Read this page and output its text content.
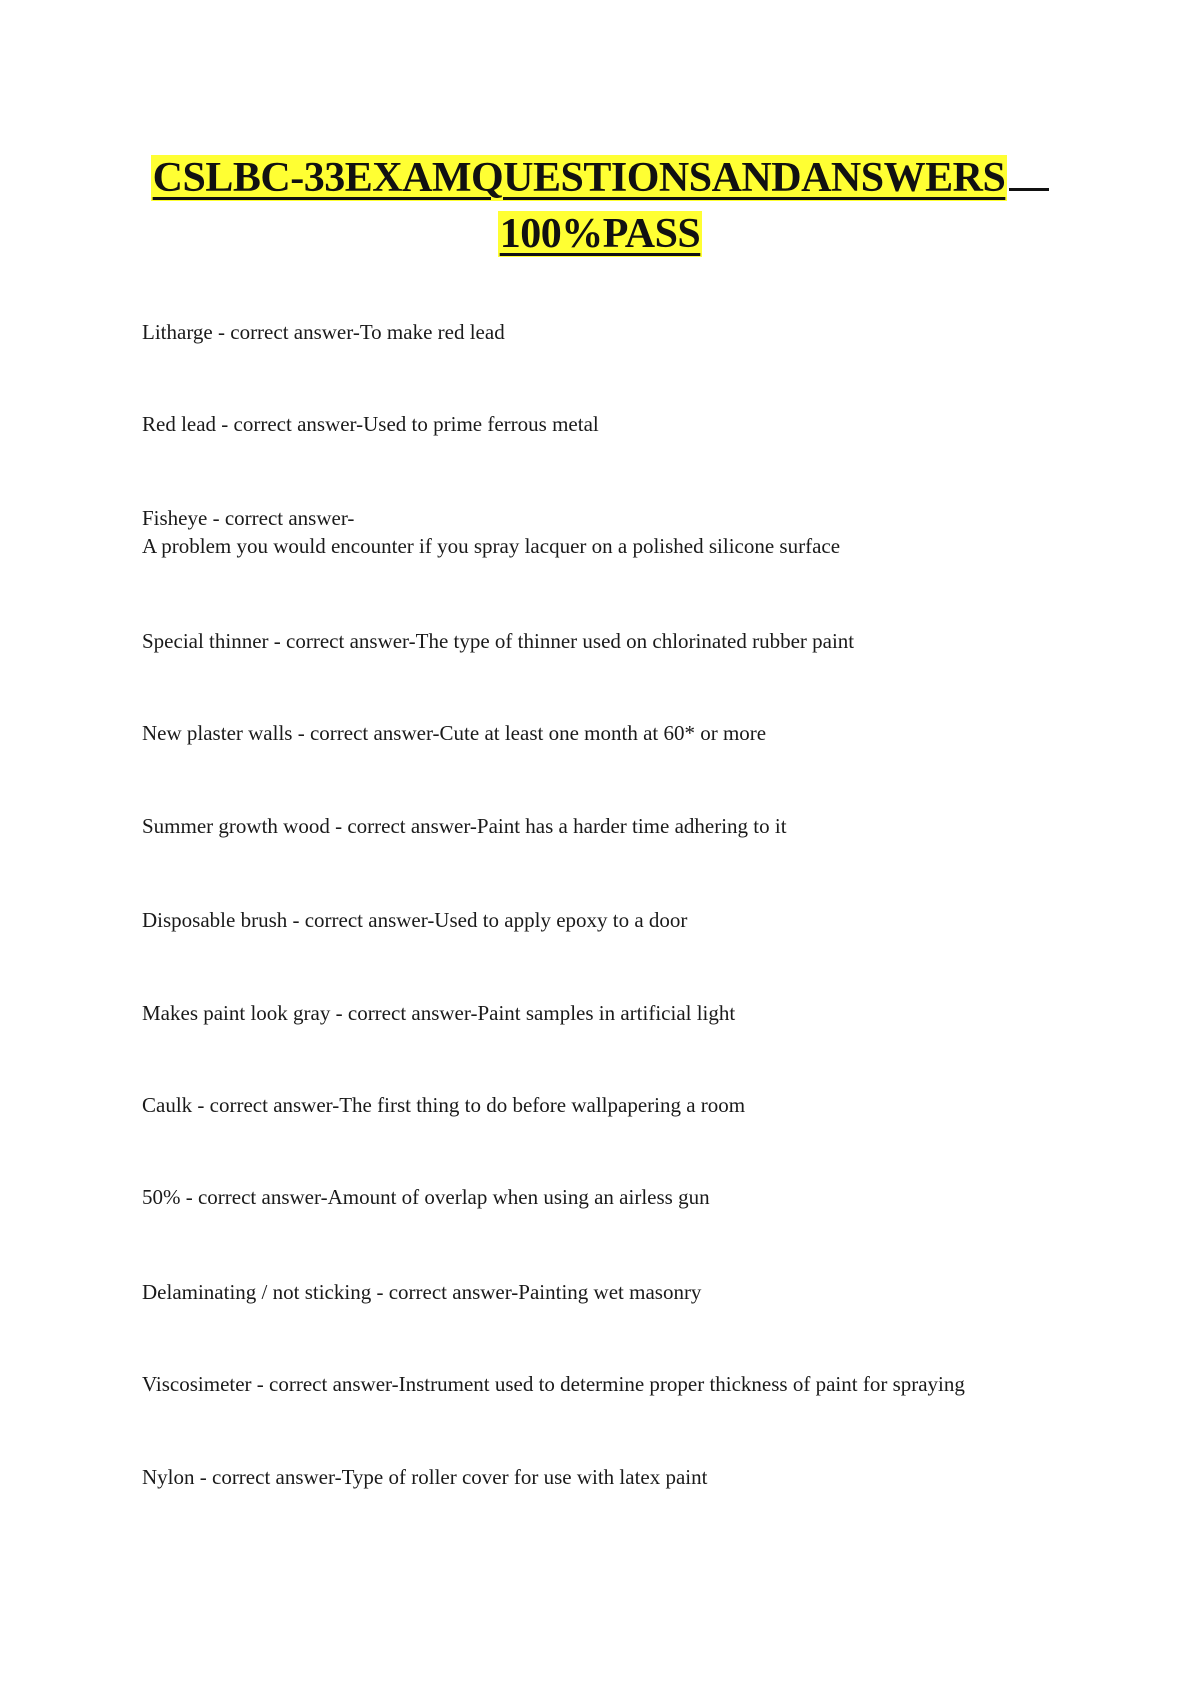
CSLBC-33EXAMQUESTIONSANDANSWERS
100%PASS
Litharge - correct answer-To make red lead
Red lead - correct answer-Used to prime ferrous metal
Fisheye - correct answer-
A problem you would encounter if you spray lacquer on a polished silicone surface
Special thinner - correct answer-The type of thinner used on chlorinated rubber paint
New plaster walls - correct answer-Cute at least one month at 60* or more
Summer growth wood - correct answer-Paint has a harder time adhering to it
Disposable brush - correct answer-Used to apply epoxy to a door
Makes paint look gray - correct answer-Paint samples in artificial light
Caulk - correct answer-The first thing to do before wallpapering a room
50% - correct answer-Amount of overlap when using an airless gun
Delaminating / not sticking - correct answer-Painting wet masonry
Viscosimeter - correct answer-Instrument used to determine proper thickness of paint for spraying
Nylon - correct answer-Type of roller cover for use with latex paint
